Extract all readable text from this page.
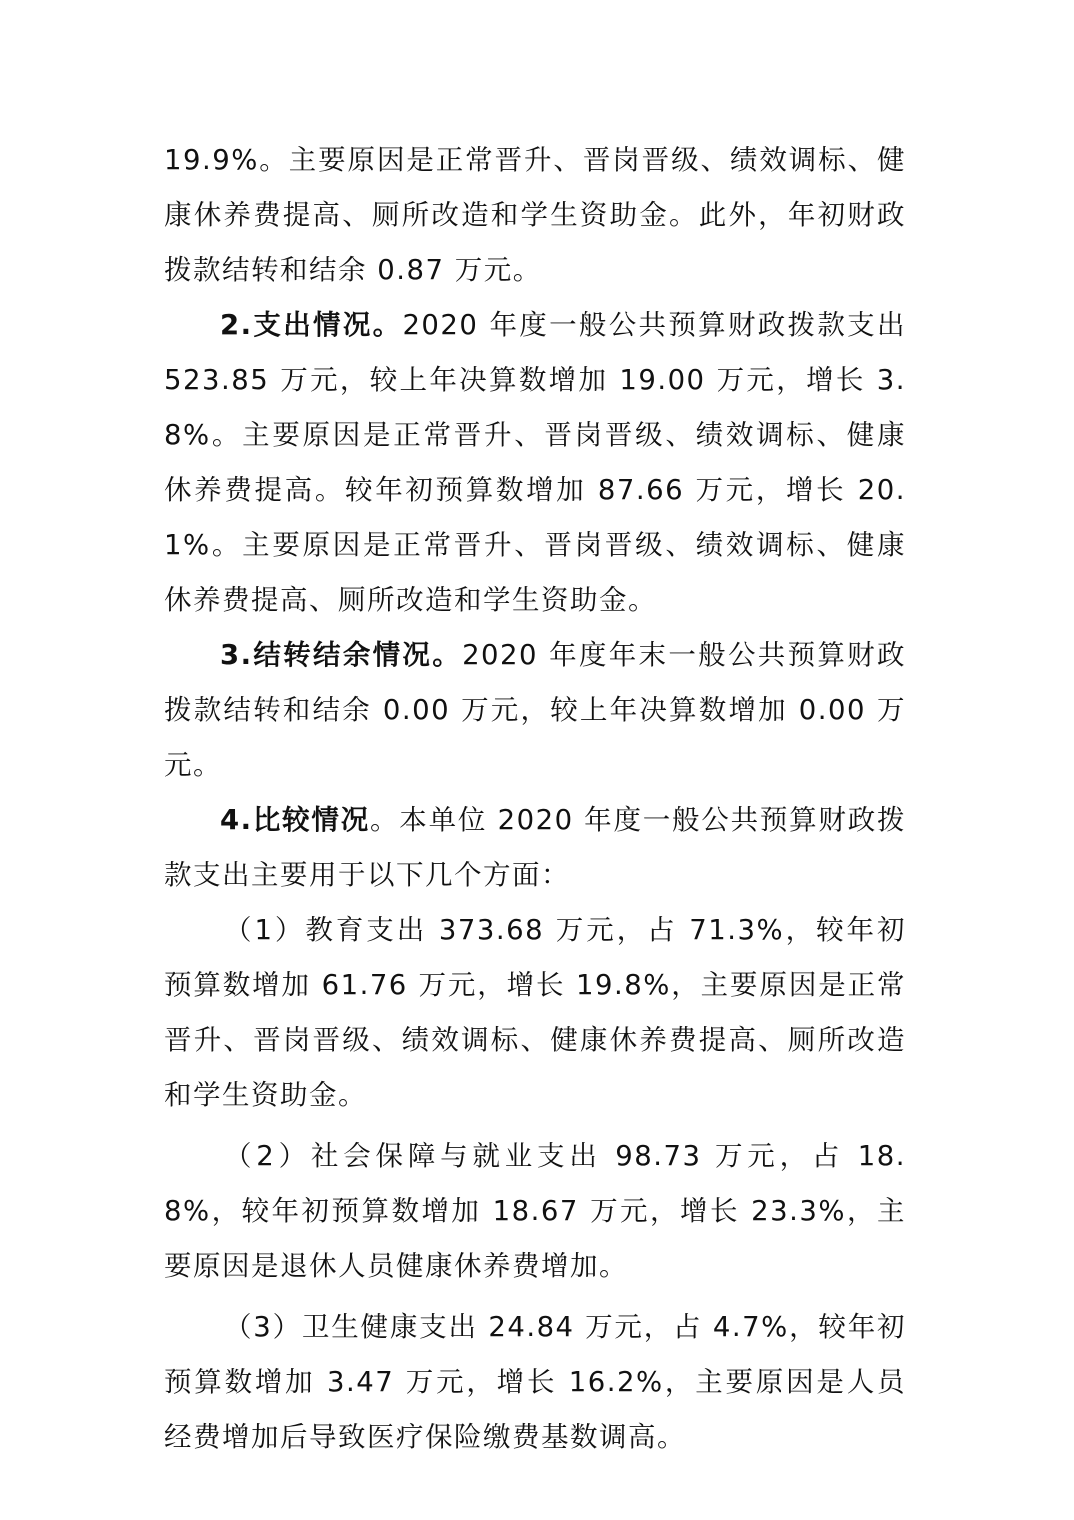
19.9%。主要原因是正常晋升、晋岗晋级、绩效调标、健康休养费提高、厕所改造和学生资助金。此外，年初财政拨款结转和结余 0.87 万元。

2.支出情况。2020 年度一般公共预算财政拨款支出 523.85 万元，较上年决算数增加 19.00 万元，增长 3.8%。主要原因是正常晋升、晋岗晋级、绩效调标、健康休养费提高。较年初预算数增加 87.66 万元，增长 20.1%。主要原因是正常晋升、晋岗晋级、绩效调标、健康休养费提高、厕所改造和学生资助金。

3.结转结余情况。2020 年度年末一般公共预算财政拨款结转和结余 0.00 万元，较上年决算数增加 0.00 万元。

4.比较情况。本单位 2020 年度一般公共预算财政拨款支出主要用于以下几个方面：

（1）教育支出 373.68 万元，占 71.3%，较年初预算数增加 61.76 万元，增长 19.8%，主要原因是正常晋升、晋岗晋级、绩效调标、健康休养费提高、厕所改造和学生资助金。

（2）社会保障与就业支出 98.73 万元，占 18.8%，较年初预算数增加 18.67 万元，增长 23.3%，主要原因是退休人员健康休养费增加。

（3）卫生健康支出 24.84 万元，占 4.7%，较年初预算数增加 3.47 万元，增长 16.2%，主要原因是人员经费增加后导致医疗保险缴费基数调高。
